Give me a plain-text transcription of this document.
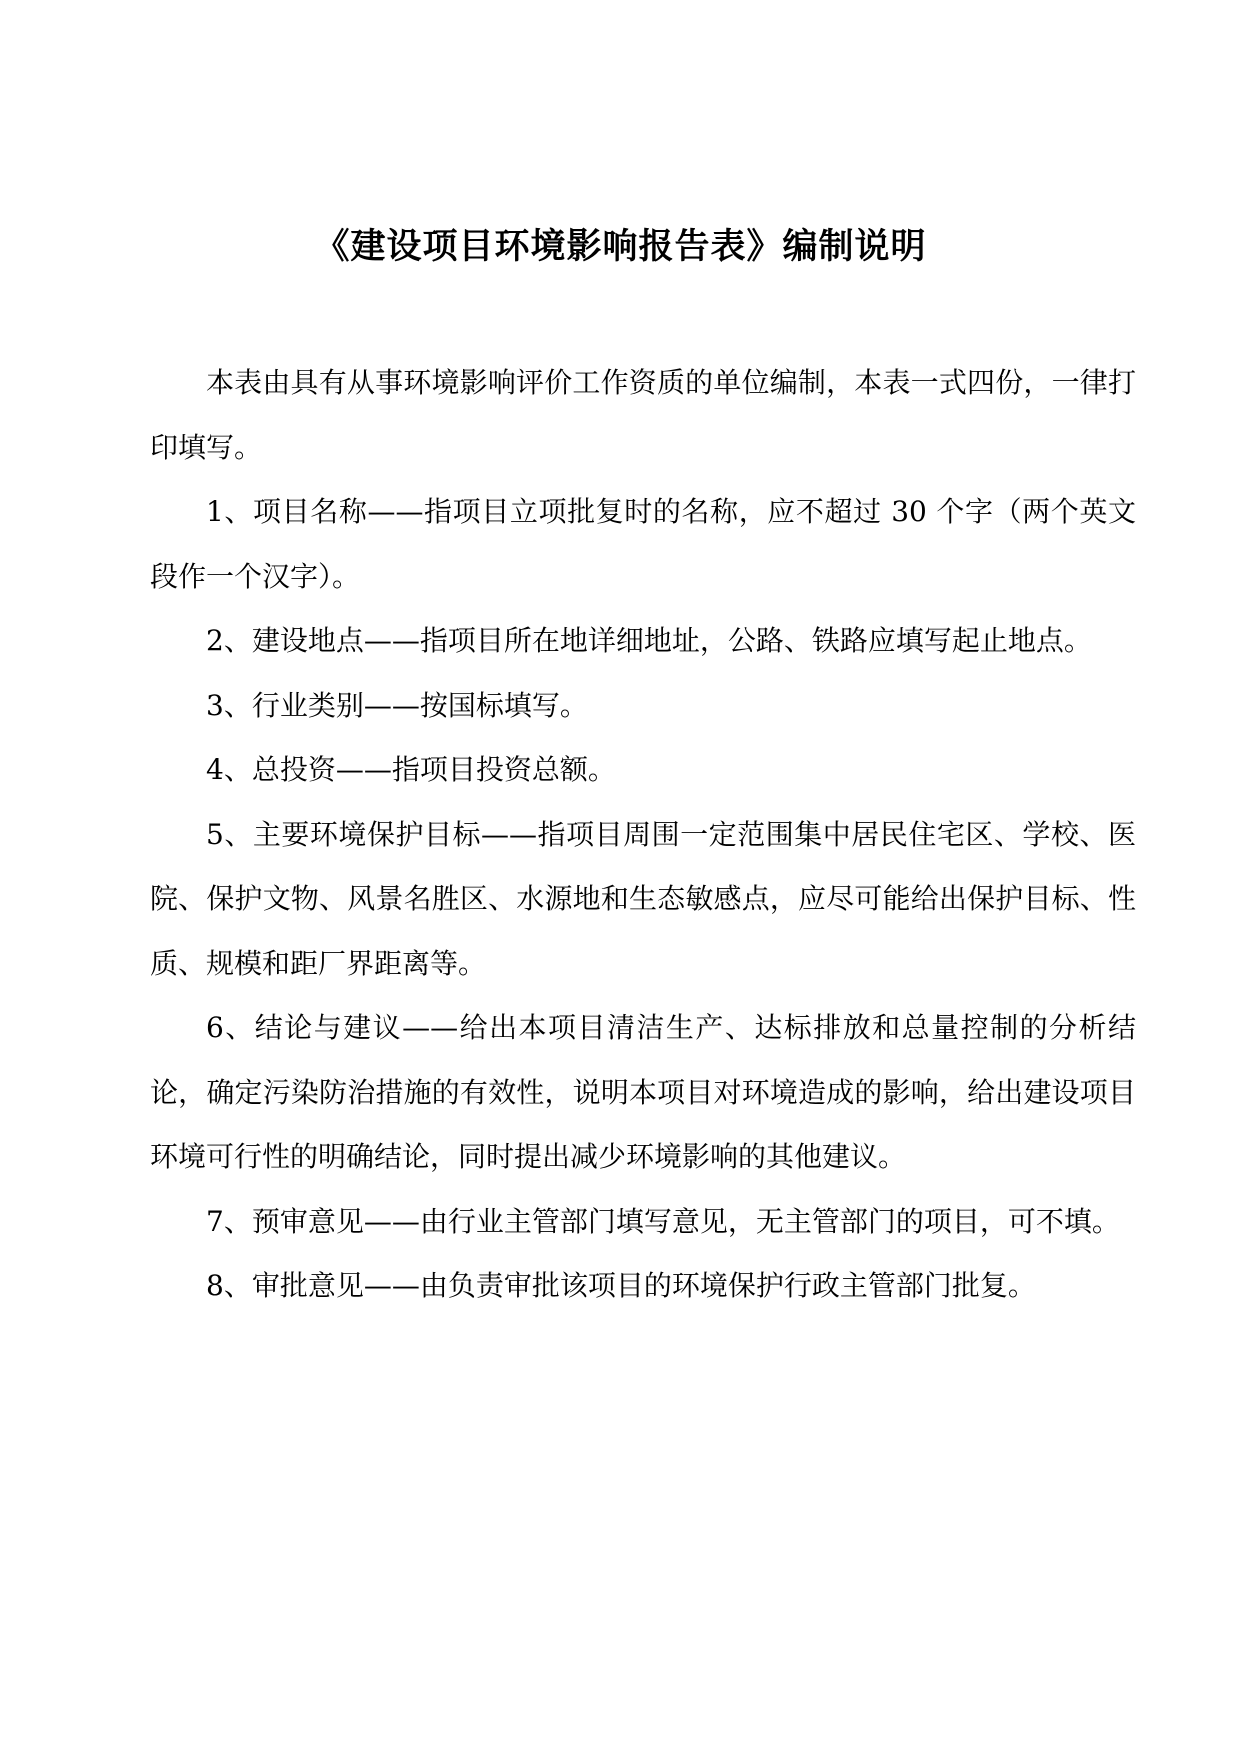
《建设项目环境影响报告表》编制说明

本表由具有从事环境影响评价工作资质的单位编制，本表一式四份，一律打印填写。

1、项目名称——指项目立项批复时的名称，应不超过 30 个字（两个英文段作一个汉字）。

2、建设地点——指项目所在地详细地址，公路、铁路应填写起止地点。

3、行业类别——按国标填写。

4、总投资——指项目投资总额。

5、主要环境保护目标——指项目周围一定范围集中居民住宅区、学校、医院、保护文物、风景名胜区、水源地和生态敏感点，应尽可能给出保护目标、性质、规模和距厂界距离等。

6、结论与建议——给出本项目清洁生产、达标排放和总量控制的分析结论，确定污染防治措施的有效性，说明本项目对环境造成的影响，给出建设项目环境可行性的明确结论，同时提出减少环境影响的其他建议。

7、预审意见——由行业主管部门填写意见，无主管部门的项目，可不填。

8、审批意见——由负责审批该项目的环境保护行政主管部门批复。
